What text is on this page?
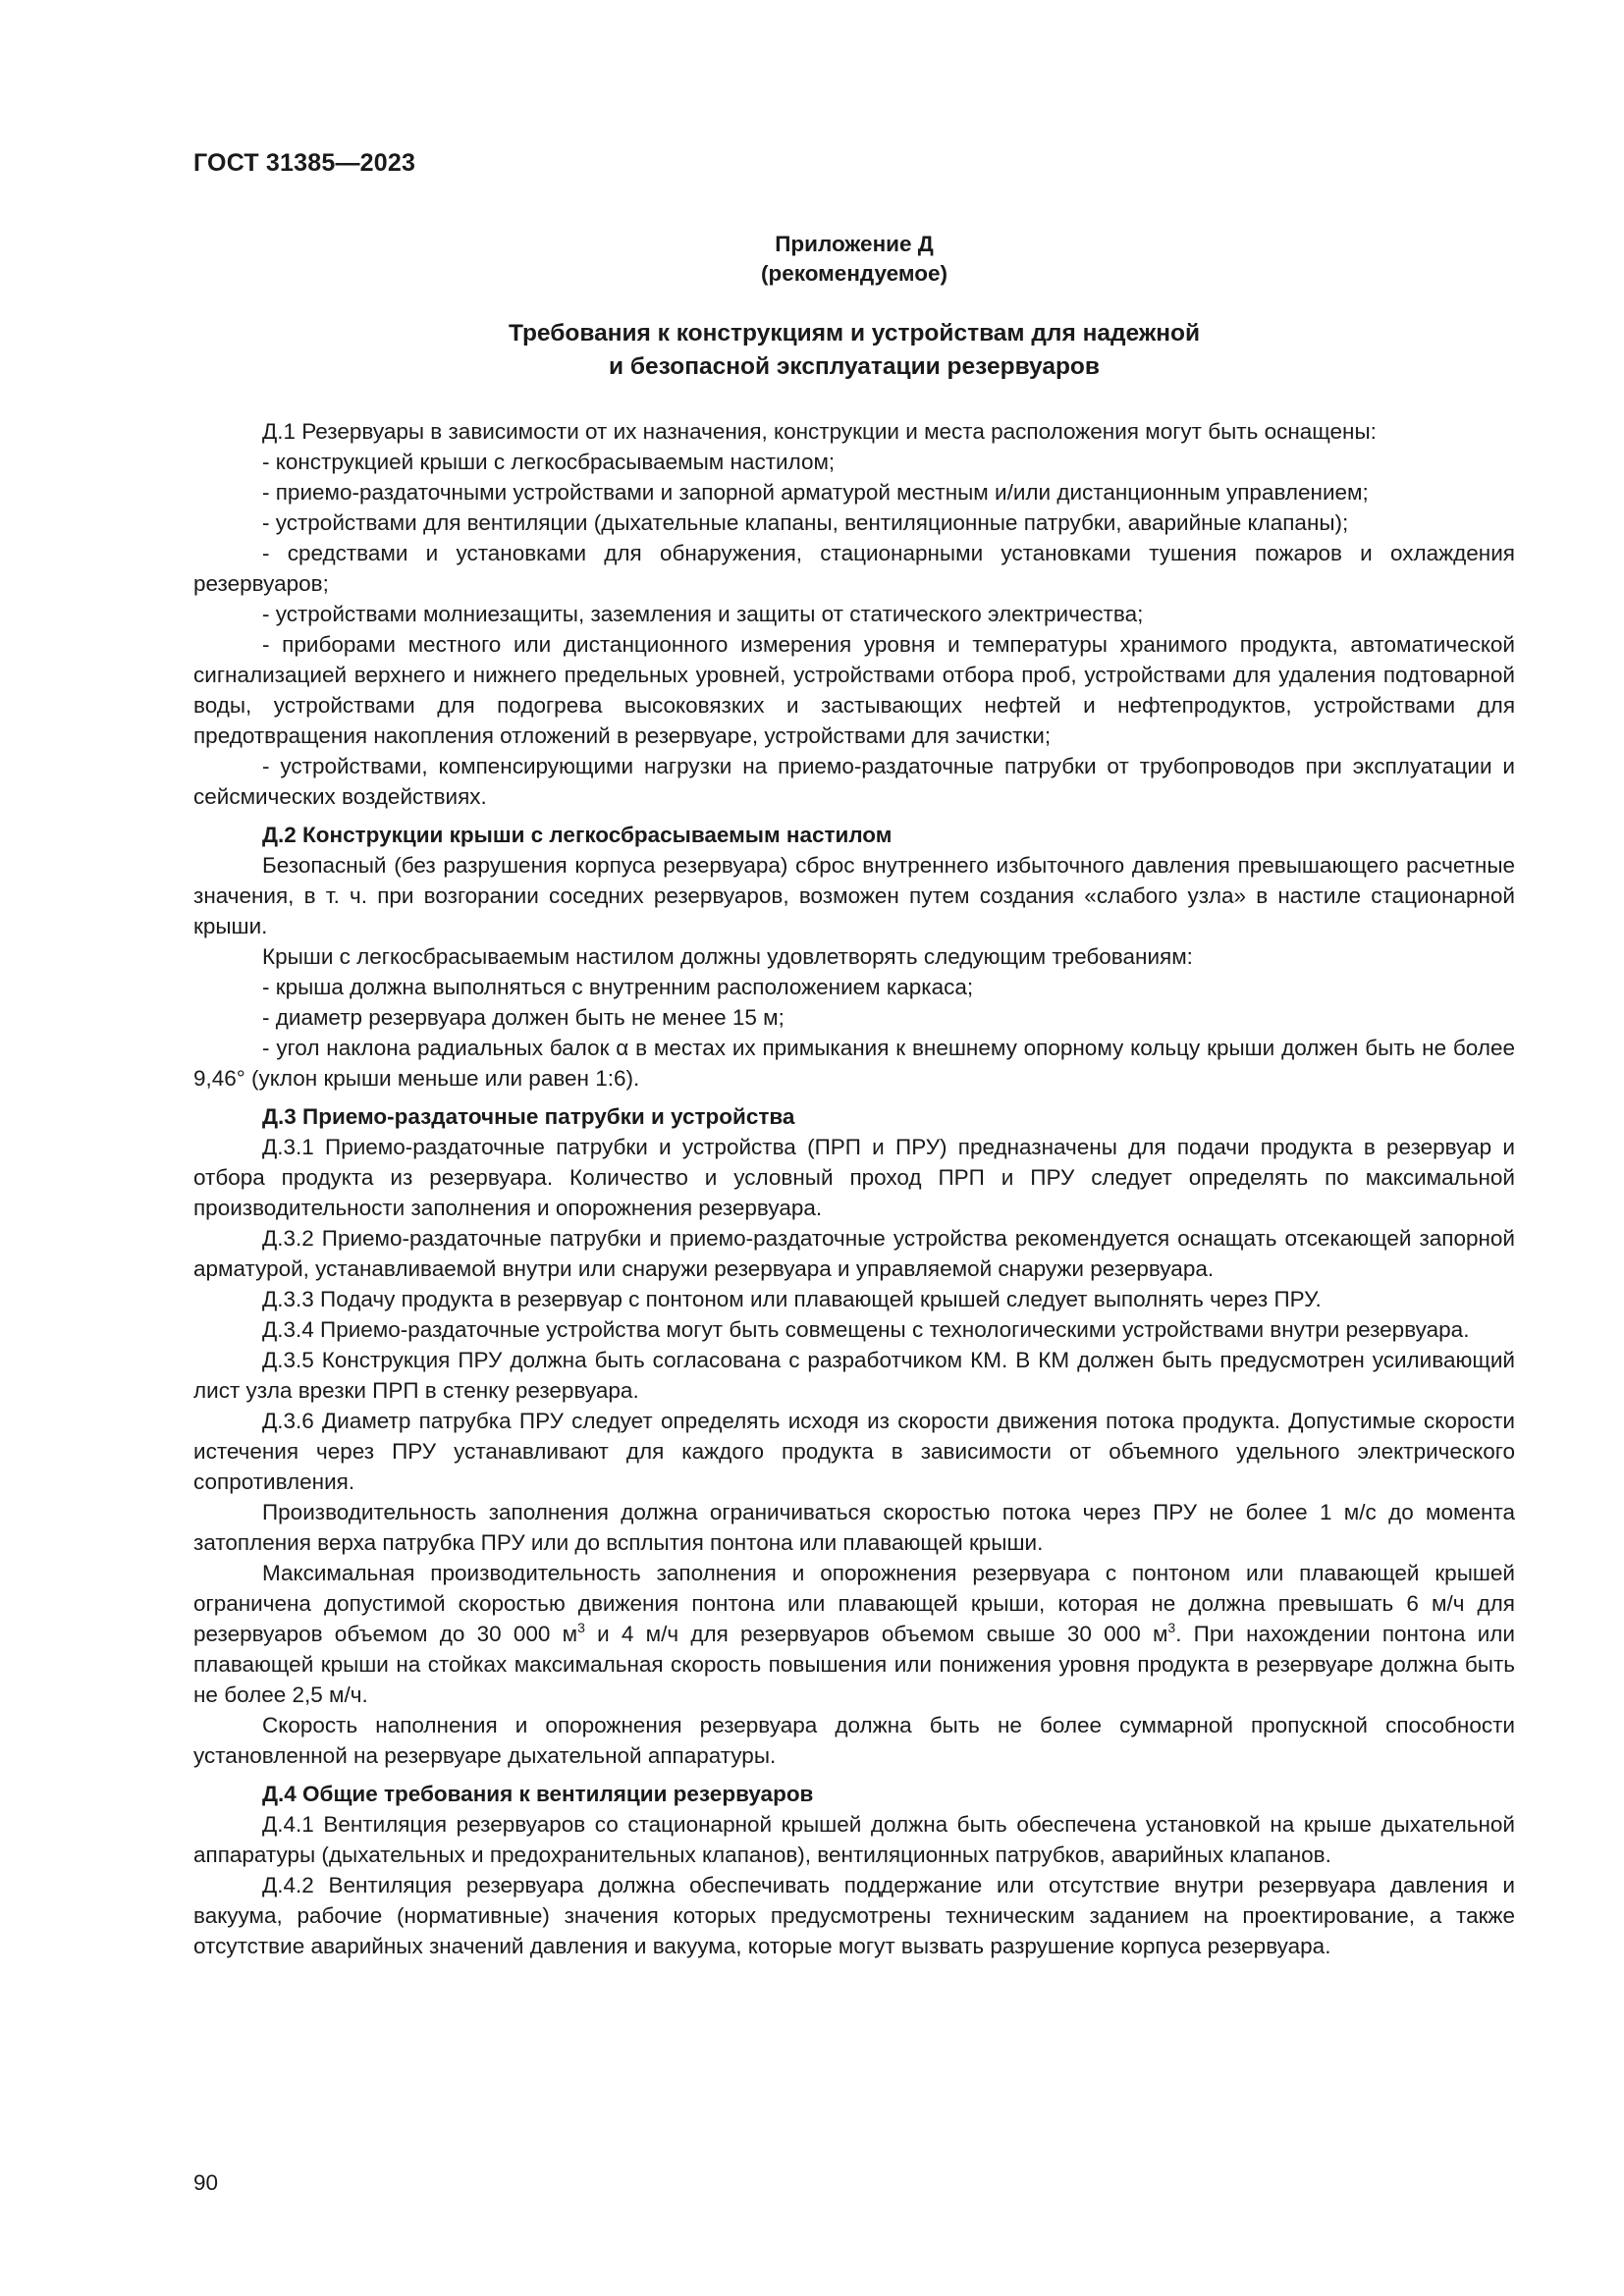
ГОСТ 31385—2023
Приложение Д
(рекомендуемое)
Требования к конструкциям и устройствам для надежной
и безопасной эксплуатации резервуаров

Д.1 Резервуары в зависимости от их назначения, конструкции и места расположения могут быть оснащены:

- конструкцией крыши с легкосбрасываемым настилом;

- приемо-раздаточными устройствами и запорной арматурой местным и/или дистанционным управлением;

- устройствами для вентиляции (дыхательные клапаны, вентиляционные патрубки, аварийные клапаны);

- средствами и установками для обнаружения, стационарными установками тушения пожаров и охлаждения резервуаров;

- устройствами молниезащиты, заземления и защиты от статического электричества;

- приборами местного или дистанционного измерения уровня и температуры хранимого продукта, автоматической сигнализацией верхнего и нижнего предельных уровней, устройствами отбора проб, устройствами для удаления подтоварной воды, устройствами для подогрева высоковязких и застывающих нефтей и нефтепродуктов, устройствами для предотвращения накопления отложений в резервуаре, устройствами для зачистки;

- устройствами, компенсирующими нагрузки на приемо-раздаточные патрубки от трубопроводов при эксплуатации и сейсмических воздействиях.

Д.2 Конструкции крыши с легкосбрасываемым настилом

Безопасный (без разрушения корпуса резервуара) сброс внутреннего избыточного давления превышающего расчетные значения, в т. ч. при возгорании соседних резервуаров, возможен путем создания «слабого узла» в настиле стационарной крыши.

Крыши с легкосбрасываемым настилом должны удовлетворять следующим требованиям:

- крыша должна выполняться с внутренним расположением каркаса;

- диаметр резервуара должен быть не менее 15 м;

- угол наклона радиальных балок α в местах их примыкания к внешнему опорному кольцу крыши должен быть не более 9,46° (уклон крыши меньше или равен 1:6).

Д.3 Приемо-раздаточные патрубки и устройства

Д.3.1 Приемо-раздаточные патрубки и устройства (ПРП и ПРУ) предназначены для подачи продукта в резервуар и отбора продукта из резервуара. Количество и условный проход ПРП и ПРУ следует определять по максимальной производительности заполнения и опорожнения резервуара.

Д.3.2 Приемо-раздаточные патрубки и приемо-раздаточные устройства рекомендуется оснащать отсекающей запорной арматурой, устанавливаемой внутри или снаружи резервуара и управляемой снаружи резервуара.

Д.3.3 Подачу продукта в резервуар с понтоном или плавающей крышей следует выполнять через ПРУ.

Д.3.4 Приемо-раздаточные устройства могут быть совмещены с технологическими устройствами внутри резервуара.

Д.3.5 Конструкция ПРУ должна быть согласована с разработчиком КМ. В КМ должен быть предусмотрен усиливающий лист узла врезки ПРП в стенку резервуара.

Д.3.6 Диаметр патрубка ПРУ следует определять исходя из скорости движения потока продукта. Допустимые скорости истечения через ПРУ устанавливают для каждого продукта в зависимости от объемного удельного электрического сопротивления.

Производительность заполнения должна ограничиваться скоростью потока через ПРУ не более 1 м/с до момента затопления верха патрубка ПРУ или до всплытия понтона или плавающей крыши.

Максимальная производительность заполнения и опорожнения резервуара с понтоном или плавающей крышей ограничена допустимой скоростью движения понтона или плавающей крыши, которая не должна превышать 6 м/ч для резервуаров объемом до 30 000 $м^3$ и 4 м/ч для резервуаров объемом свыше 30 000 $м^3$. При нахождении понтона или плавающей крыши на стойках максимальная скорость повышения или понижения уровня продукта в резервуаре должна быть не более 2,5 м/ч.

Скорость наполнения и опорожнения резервуара должна быть не более суммарной пропускной способности установленной на резервуаре дыхательной аппаратуры.

Д.4 Общие требования к вентиляции резервуаров

Д.4.1 Вентиляция резервуаров со стационарной крышей должна быть обеспечена установкой на крыше дыхательной аппаратуры (дыхательных и предохранительных клапанов), вентиляционных патрубков, аварийных клапанов.

Д.4.2 Вентиляция резервуара должна обеспечивать поддержание или отсутствие внутри резервуара давления и вакуума, рабочие (нормативные) значения которых предусмотрены техническим заданием на проектирование, а также отсутствие аварийных значений давления и вакуума, которые могут вызвать разрушение корпуса резервуара.

90
